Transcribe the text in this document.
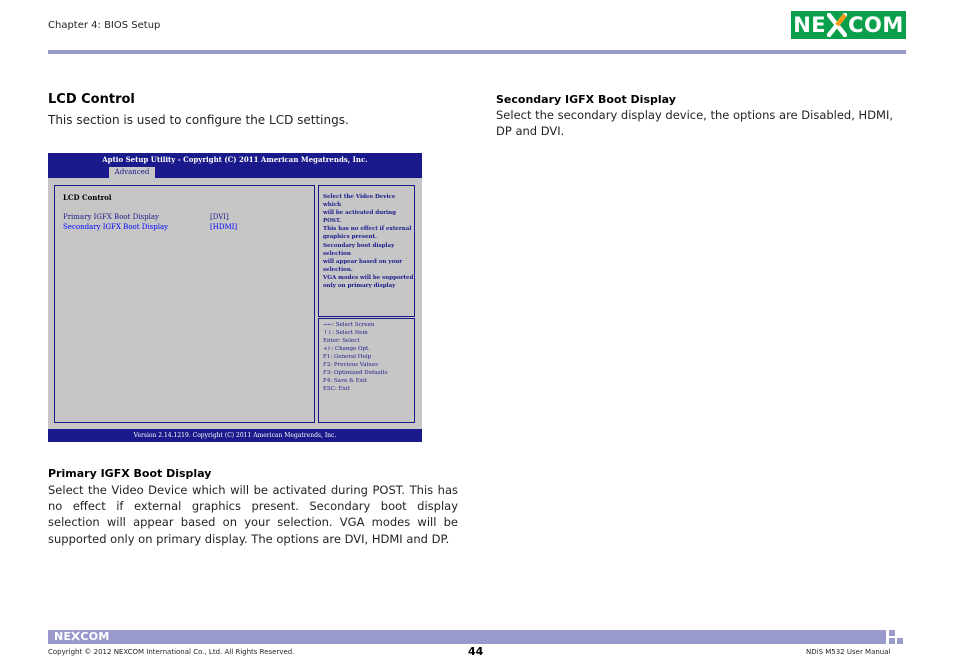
Chapter 4: BIOS Setup	NE COM
LCD Control
This section is used to configure the LCD settings.
Aptio Setup Utility - Copyright (C) 2011 American Megatrends, Inc.
Advanced
LCD Control
Primary IGFX Boot Display	[DVI]
Secondary IGFX Boot Display	[HDMI]
Select the Video Device which
will be activated during POST.
This has no effect if external
graphics present.
Secondary boot display selection
will appear based on your
selection.
VGA modes will be supported
only on primary display
→←: Select Screen
↑↓: Select Item
Enter: Select
+/-: Change Opt.
F1: General Help
F2: Previous Values
F3: Optimized Defaults
F4: Save & Exit
ESC: Exit
Version 2.14.1219. Copyright (C) 2011 American Megatrends, Inc.
Primary IGFX Boot Display
Select the Video Device which will be activated during POST. This has no effect if external graphics present. Secondary boot display selection will appear based on your selection. VGA modes will be supported only on primary display. The options are DVI, HDMI and DP.
Secondary IGFX Boot Display
Select the secondary display device, the options are Disabled, HDMI, DP and DVI.
NE COM
Copyright © 2012 NEXCOM International Co., Ltd. All Rights Reserved.	44	NDiS M532 User Manual
